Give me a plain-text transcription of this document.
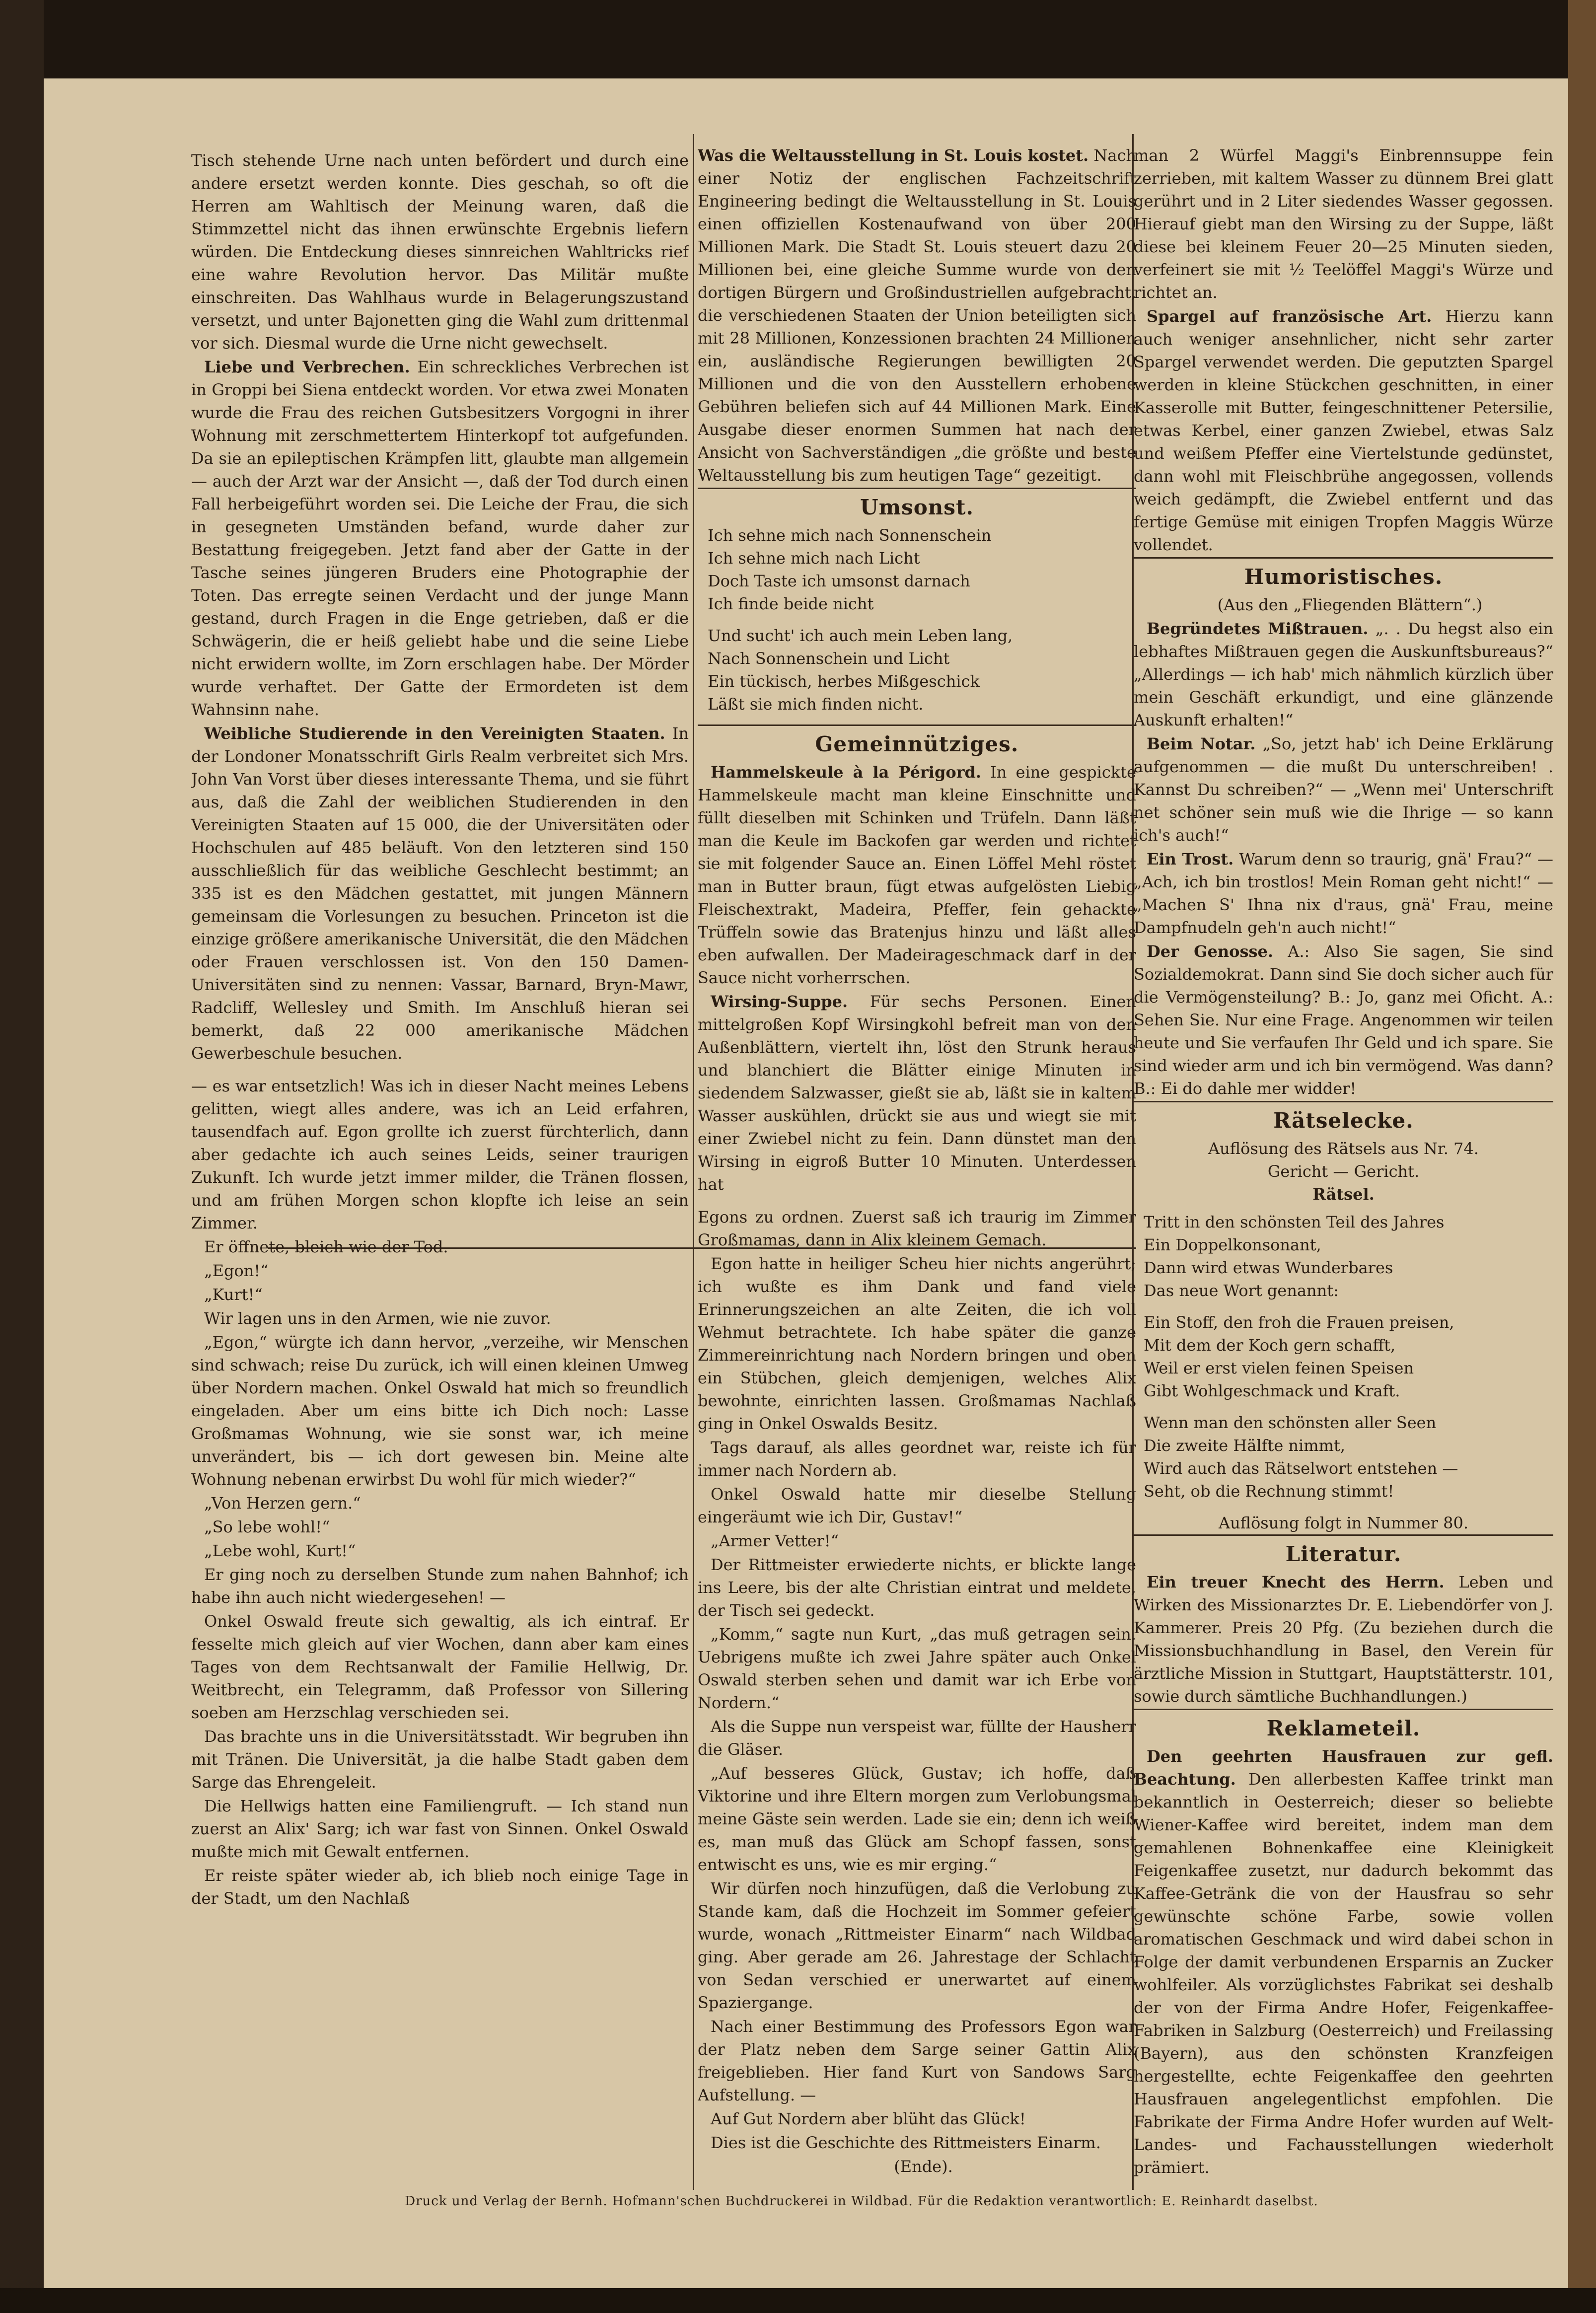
Tisch stehende Urne nach unten befördert und durch eine andere ersetzt werden konnte. Dies geschah, so oft die Herren am Wahltisch der Meinung waren, daß die Stimmzettel nicht das ihnen erwünschte Ergebnis liefern würden. Die Entdeckung dieses sinnreichen Wahltricks rief eine wahre Revolution hervor. Das Militär mußte einschreiten. Das Wahlhaus wurde in Belagerungszustand versetzt, und unter Bajonetten ging die Wahl zum drittenmal vor sich. Diesmal wurde die Urne nicht gewechselt.

Liebe und Verbrechen. Ein schreckliches Verbrechen ist in Groppi bei Siena entdeckt worden. Vor etwa zwei Monaten wurde die Frau des reichen Gutsbesitzers Vorgogni in ihrer Wohnung mit zerschmettertem Hinterkopf tot aufgefunden. Da sie an epileptischen Krämpfen litt, glaubte man allgemein — auch der Arzt war der Ansicht —, daß der Tod durch einen Fall herbeigeführt worden sei. Die Leiche der Frau, die sich in gesegneten Umständen befand, wurde daher zur Bestattung freigegeben. Jetzt fand aber der Gatte in der Tasche seines jüngeren Bruders eine Photographie der Toten. Das erregte seinen Verdacht und der junge Mann gestand, durch Fragen in die Enge getrieben, daß er die Schwägerin, die er heiß geliebt habe und die seine Liebe nicht erwidern wollte, im Zorn erschlagen habe. Der Mörder wurde verhaftet. Der Gatte der Ermordeten ist dem Wahnsinn nahe.

Weibliche Studierende in den Vereinigten Staaten. In der Londoner Monatsschrift Girls Realm verbreitet sich Mrs. John Van Vorst über dieses interessante Thema, und sie führt aus, daß die Zahl der weiblichen Studierenden in den Vereinigten Staaten auf 15 000, die der Universitäten oder Hochschulen auf 485 beläuft. Von den letzteren sind 150 ausschließlich für das weibliche Geschlecht bestimmt; an 335 ist es den Mädchen gestattet, mit jungen Männern gemeinsam die Vorlesungen zu besuchen. Princeton ist die einzige größere amerikanische Universität, die den Mädchen oder Frauen verschlossen ist. Von den 150 Damen-Universitäten sind zu nennen: Vassar, Barnard, Bryn-Mawr, Radcliff, Wellesley und Smith. Im Anschluß hieran sei bemerkt, daß 22 000 amerikanische Mädchen Gewerbeschule besuchen.

— es war entsetzlich! Was ich in dieser Nacht meines Lebens gelitten, wiegt alles andere, was ich an Leid erfahren, tausendfach auf. Egon grollte ich zuerst fürchterlich, dann aber gedachte ich auch seines Leids, seiner traurigen Zukunft. Ich wurde jetzt immer milder, die Tränen flossen, und am frühen Morgen schon klopfte ich leise an sein Zimmer.

Er öffnete, bleich wie der Tod.

„Egon!“

„Kurt!“

Wir lagen uns in den Armen, wie nie zuvor.

„Egon,“ würgte ich dann hervor, „verzeihe, wir Menschen sind schwach; reise Du zurück, ich will einen kleinen Umweg über Nordern machen. Onkel Oswald hat mich so freundlich eingeladen. Aber um eins bitte ich Dich noch: Lasse Großmamas Wohnung, wie sie sonst war, ich meine unverändert, bis — ich dort gewesen bin. Meine alte Wohnung nebenan erwirbst Du wohl für mich wieder?“

„Von Herzen gern.“

„So lebe wohl!“

„Lebe wohl, Kurt!“

Er ging noch zu derselben Stunde zum nahen Bahnhof; ich habe ihn auch nicht wiedergesehen! —

Onkel Oswald freute sich gewaltig, als ich eintraf. Er fesselte mich gleich auf vier Wochen, dann aber kam eines Tages von dem Rechtsanwalt der Familie Hellwig, Dr. Weitbrecht, ein Telegramm, daß Professor von Sillering soeben am Herzschlag verschieden sei.

Das brachte uns in die Universitätsstadt. Wir begruben ihn mit Tränen. Die Universität, ja die halbe Stadt gaben dem Sarge das Ehrengeleit.

Die Hellwigs hatten eine Familiengruft. — Ich stand nun zuerst an Alix' Sarg; ich war fast von Sinnen. Onkel Oswald mußte mich mit Gewalt entfernen.

Er reiste später wieder ab, ich blieb noch einige Tage in der Stadt, um den Nachlaß

Was die Weltausstellung in St. Louis kostet. Nach einer Notiz der englischen Fachzeitschrift Engineering bedingt die Weltausstellung in St. Louis einen offiziellen Kostenaufwand von über 200 Millionen Mark. Die Stadt St. Louis steuert dazu 20 Millionen bei, eine gleiche Summe wurde von den dortigen Bürgern und Großindustriellen aufgebracht, die verschiedenen Staaten der Union beteiligten sich mit 28 Millionen, Konzessionen brachten 24 Millionen ein, ausländische Regierungen bewilligten 20 Millionen und die von den Ausstellern erhobene Gebühren beliefen sich auf 44 Millionen Mark. Eine Ausgabe dieser enormen Summen hat nach der Ansicht von Sachverständigen „die größte und beste Weltausstellung bis zum heutigen Tage“ gezeitigt.

Umsonst.
Ich sehne mich nach Sonnenschein
Ich sehne mich nach Licht
Doch Taste ich umsonst darnach
Ich finde beide nicht
Und sucht' ich auch mein Leben lang,
Nach Sonnenschein und Licht
Ein tückisch, herbes Mißgeschick
Läßt sie mich finden nicht.
Gemeinnütziges.

Hammelskeule à la Périgord. In eine gespickte Hammelskeule macht man kleine Einschnitte und füllt dieselben mit Schinken und Trüfeln. Dann läßt man die Keule im Backofen gar werden und richtet sie mit folgender Sauce an. Einen Löffel Mehl röstet man in Butter braun, fügt etwas aufgelösten Liebig Fleischextrakt, Madeira, Pfeffer, fein gehackte Trüffeln sowie das Bratenjus hinzu und läßt alles eben aufwallen. Der Madeirageschmack darf in der Sauce nicht vorherrschen.

Wirsing-Suppe. Für sechs Personen. Einen mittelgroßen Kopf Wirsingkohl befreit man von den Außenblättern, viertelt ihn, löst den Strunk heraus und blanchiert die Blätter einige Minuten in siedendem Salzwasser, gießt sie ab, läßt sie in kaltem Wasser auskühlen, drückt sie aus und wiegt sie mit einer Zwiebel nicht zu fein. Dann dünstet man den Wirsing in eigroß Butter 10 Minuten. Unterdessen hat

Egons zu ordnen. Zuerst saß ich traurig im Zimmer Großmamas, dann in Alix kleinem Gemach.

Egon hatte in heiliger Scheu hier nichts angerührt; ich wußte es ihm Dank und fand viele Erinnerungszeichen an alte Zeiten, die ich voll Wehmut betrachtete. Ich habe später die ganze Zimmereinrichtung nach Nordern bringen und oben ein Stübchen, gleich demjenigen, welches Alix bewohnte, einrichten lassen. Großmamas Nachlaß ging in Onkel Oswalds Besitz.

Tags darauf, als alles geordnet war, reiste ich für immer nach Nordern ab.

Onkel Oswald hatte mir dieselbe Stellung eingeräumt wie ich Dir, Gustav!“

„Armer Vetter!“

Der Rittmeister erwiederte nichts, er blickte lange ins Leere, bis der alte Christian eintrat und meldete, der Tisch sei gedeckt.

„Komm,“ sagte nun Kurt, „das muß getragen sein. Uebrigens mußte ich zwei Jahre später auch Onkel Oswald sterben sehen und damit war ich Erbe von Nordern.“

Als die Suppe nun verspeist war, füllte der Hausherr die Gläser.

„Auf besseres Glück, Gustav; ich hoffe, daß Viktorine und ihre Eltern morgen zum Verlobungsmal meine Gäste sein werden. Lade sie ein; denn ich weiß es, man muß das Glück am Schopf fassen, sonst entwischt es uns, wie es mir erging.“

Wir dürfen noch hinzufügen, daß die Verlobung zu Stande kam, daß die Hochzeit im Sommer gefeiert wurde, wonach „Rittmeister Einarm“ nach Wildbad ging. Aber gerade am 26. Jahrestage der Schlacht von Sedan verschied er unerwartet auf einem Spaziergange.

Nach einer Bestimmung des Professors Egon war der Platz neben dem Sarge seiner Gattin Alix freigeblieben. Hier fand Kurt von Sandows Sarg Aufstellung. —

Auf Gut Nordern aber blüht das Glück!

Dies ist die Geschichte des Rittmeisters Einarm.

(Ende).

man 2 Würfel Maggi's Einbrennsuppe fein zerrieben, mit kaltem Wasser zu dünnem Brei glatt gerührt und in 2 Liter siedendes Wasser gegossen. Hierauf giebt man den Wirsing zu der Suppe, läßt diese bei kleinem Feuer 20—25 Minuten sieden, verfeinert sie mit ½ Teelöffel Maggi's Würze und richtet an.

Spargel auf französische Art. Hierzu kann auch weniger ansehnlicher, nicht sehr zarter Spargel verwendet werden. Die geputzten Spargel werden in kleine Stückchen geschnitten, in einer Kasserolle mit Butter, feingeschnittener Petersilie, etwas Kerbel, einer ganzen Zwiebel, etwas Salz und weißem Pfeffer eine Viertelstunde gedünstet, dann wohl mit Fleischbrühe angegossen, vollends weich gedämpft, die Zwiebel entfernt und das fertige Gemüse mit einigen Tropfen Maggis Würze vollendet.

Humoristisches.

(Aus den „Fliegenden Blättern“.)

Begründetes Mißtrauen. „. . Du hegst also ein lebhaftes Mißtrauen gegen die Auskunftsbureaus?“ „Allerdings — ich hab' mich nähmlich kürzlich über mein Geschäft erkundigt, und eine glänzende Auskunft erhalten!“

Beim Notar. „So, jetzt hab' ich Deine Erklärung aufgenommen — die mußt Du unterschreiben! . Kannst Du schreiben?“ — „Wenn mei' Unterschrift net schöner sein muß wie die Ihrige — so kann ich's auch!“

Ein Trost. Warum denn so traurig, gnä' Frau?“ — „Ach, ich bin trostlos! Mein Roman geht nicht!“ — „Machen S' Ihna nix d'raus, gnä' Frau, meine Dampfnudeln geh'n auch nicht!“

Der Genosse. A.: Also Sie sagen, Sie sind Sozialdemokrat. Dann sind Sie doch sicher auch für die Vermögensteilung? B.: Jo, ganz mei Oficht. A.: Sehen Sie. Nur eine Frage. Angenommen wir teilen heute und Sie verfaufen Ihr Geld und ich spare. Sie sind wieder arm und ich bin vermögend. Was dann? B.: Ei do dahle mer widder!

Rätselecke.
Auflösung des Rätsels aus Nr. 74.
Gericht — Gericht.
Rätsel.
Tritt in den schönsten Teil des Jahres
Ein Doppelkonsonant,
Dann wird etwas Wunderbares
Das neue Wort genannt:
Ein Stoff, den froh die Frauen preisen,
Mit dem der Koch gern schafft,
Weil er erst vielen feinen Speisen
Gibt Wohlgeschmack und Kraft.
Wenn man den schönsten aller Seen
Die zweite Hälfte nimmt,
Wird auch das Rätselwort entstehen —
Seht, ob die Rechnung stimmt!
Auflösung folgt in Nummer 80.
Literatur.

Ein treuer Knecht des Herrn. Leben und Wirken des Missionarztes Dr. E. Liebendörfer von J. Kammerer. Preis 20 Pfg. (Zu beziehen durch die Missionsbuchhandlung in Basel, den Verein für ärztliche Mission in Stuttgart, Hauptstätterstr. 101, sowie durch sämtliche Buchhandlungen.)

Reklameteil.

Den geehrten Hausfrauen zur gefl. Beachtung. Den allerbesten Kaffee trinkt man bekanntlich in Oesterreich; dieser so beliebte Wiener-Kaffee wird bereitet, indem man dem gemahlenen Bohnenkaffee eine Kleinigkeit Feigenkaffee zusetzt, nur dadurch bekommt das Kaffee-Getränk die von der Hausfrau so sehr gewünschte schöne Farbe, sowie vollen aromatischen Geschmack und wird dabei schon in Folge der damit verbundenen Ersparnis an Zucker wohlfeiler. Als vorzüglichstes Fabrikat sei deshalb der von der Firma Andre Hofer, Feigenkaffee-Fabriken in Salzburg (Oesterreich) und Freilassing (Bayern), aus den schönsten Kranzfeigen hergestellte, echte Feigenkaffee den geehrten Hausfrauen angelegentlichst empfohlen. Die Fabrikate der Firma Andre Hofer wurden auf Welt- Landes- und Fachausstellungen wiederholt prämiert.

Druck und Verlag der Bernh. Hofmann'schen Buchdruckerei in Wildbad. Für die Redaktion verantwortlich: E. Reinhardt daselbst.
